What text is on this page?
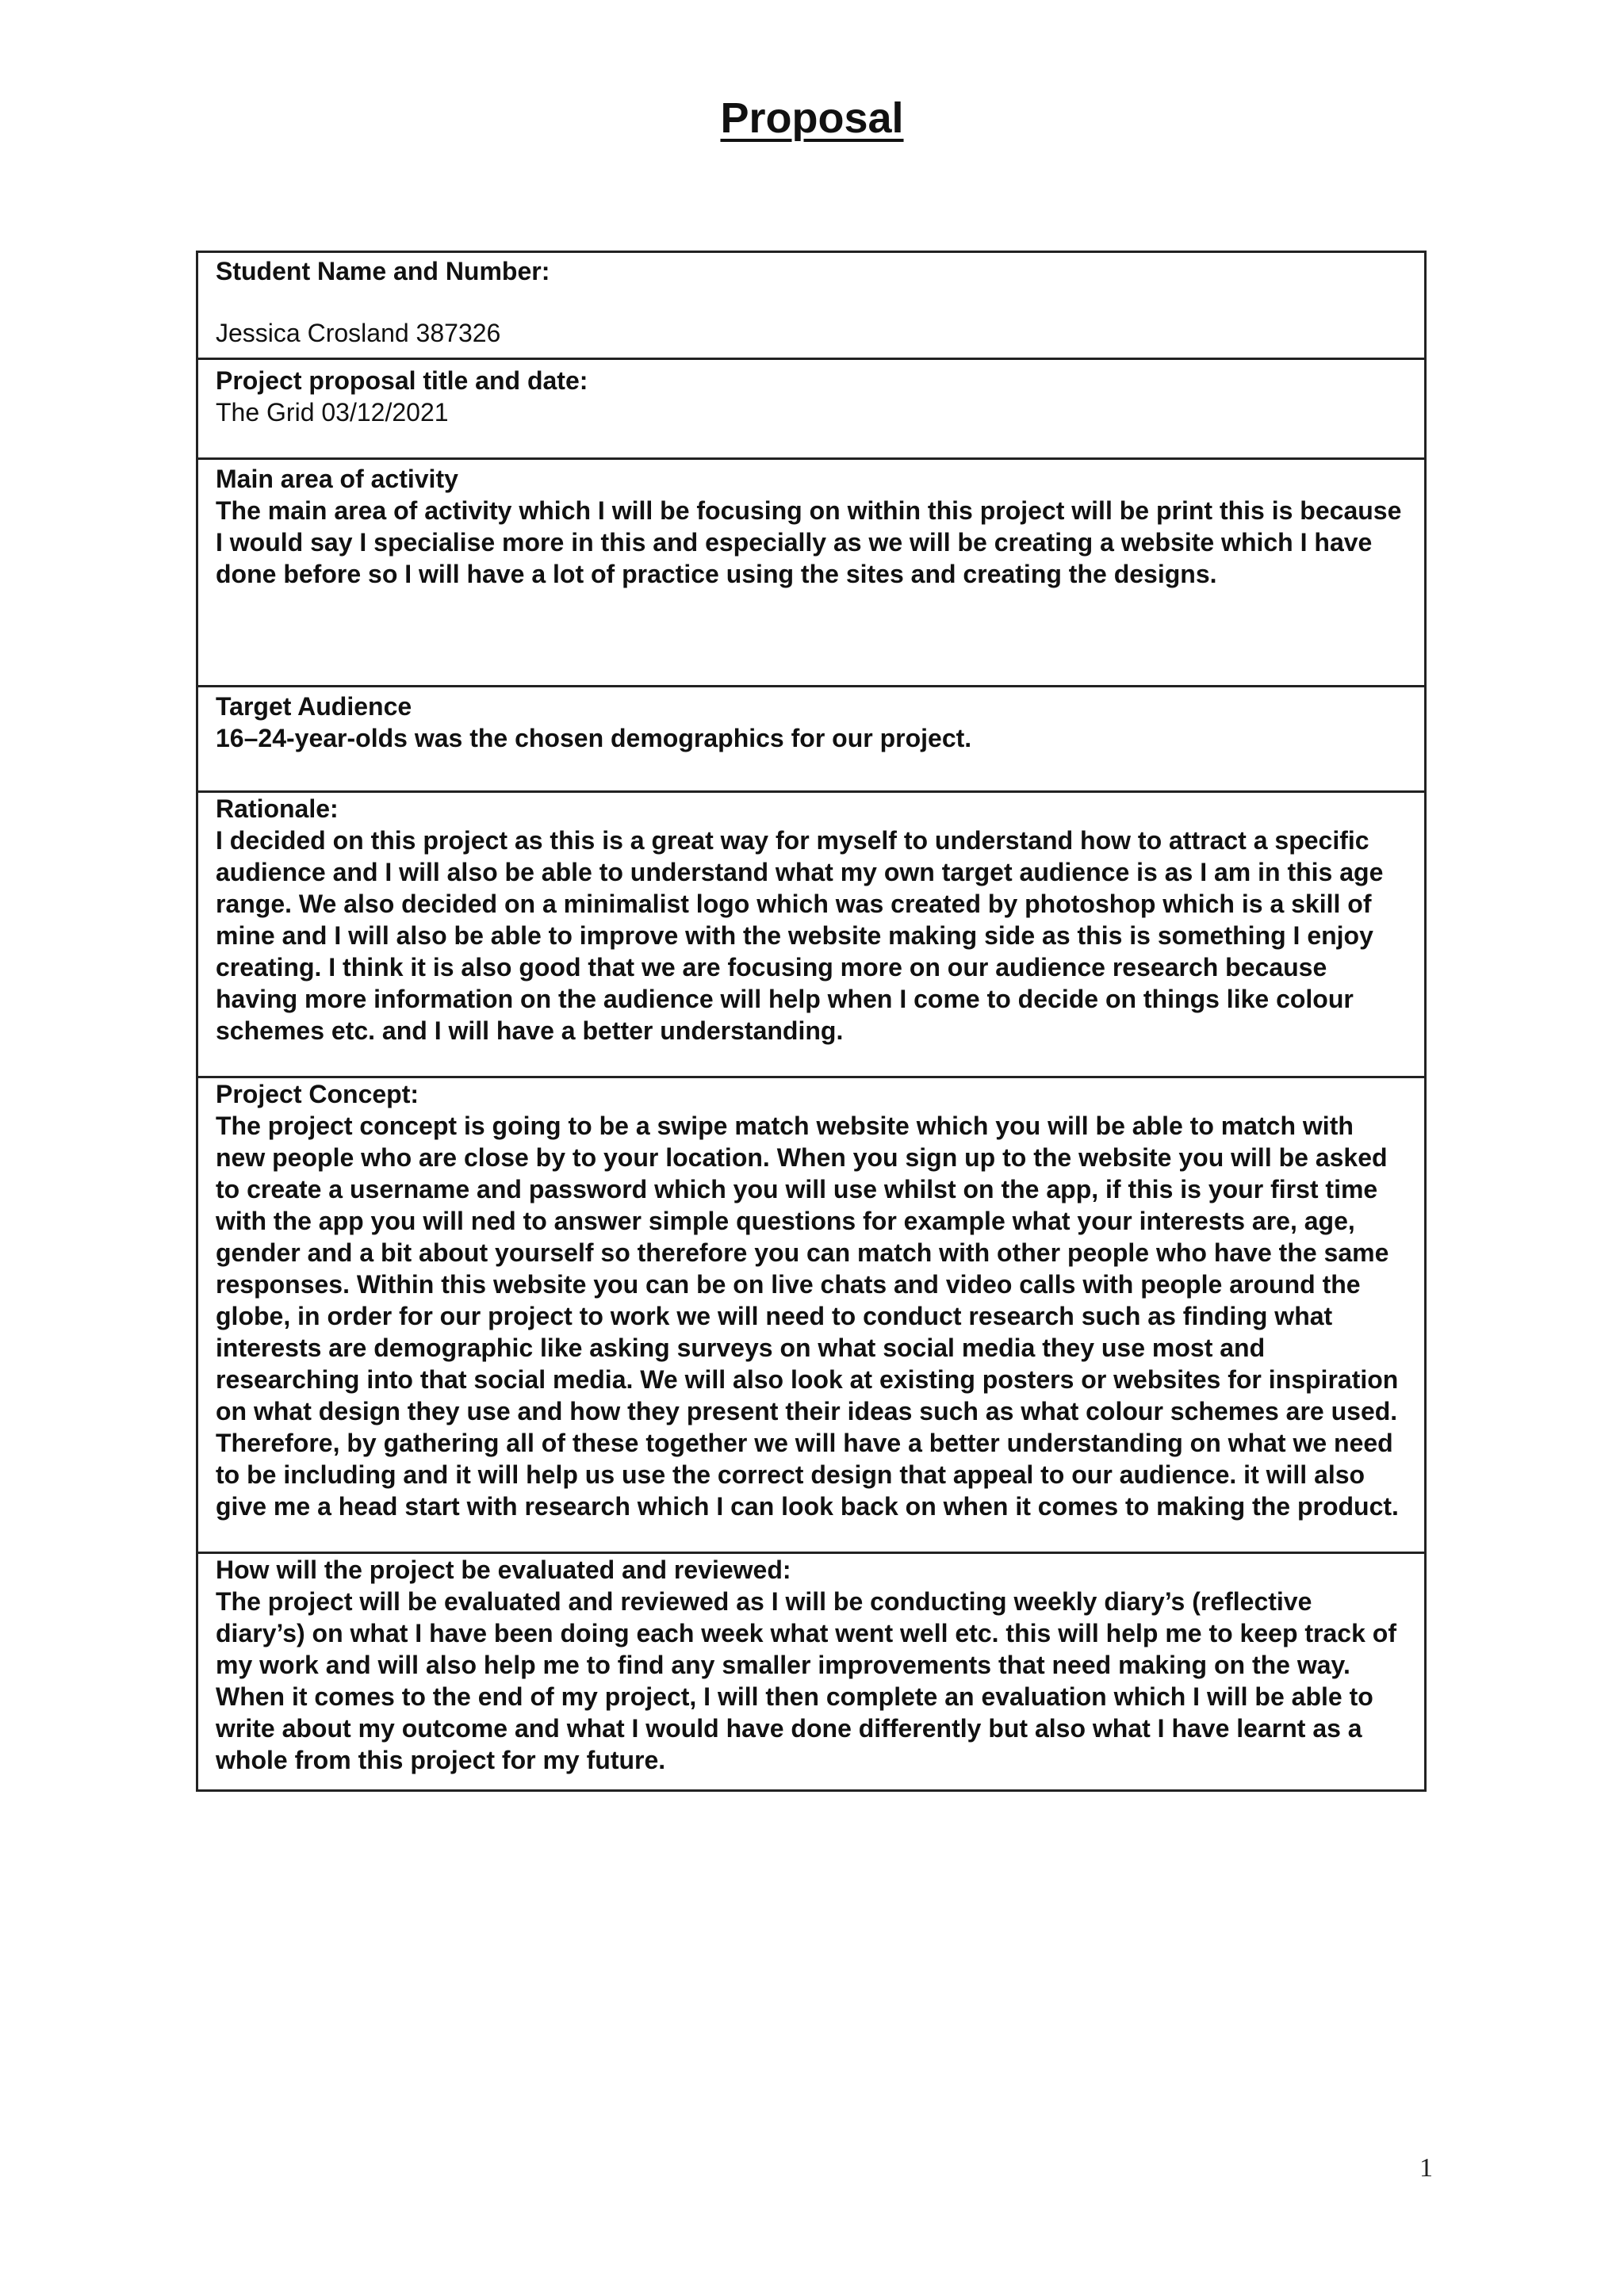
Proposal
Student Name and Number:
Jessica Crosland 387326
Project proposal title and date:
The Grid 03/12/2021
Main area of activity
The main area of activity which I will be focusing on within this project will be print this is because I would say I specialise more in this and especially as we will be creating a website which I have done before so I will have a lot of practice using the sites and creating the designs.
Target Audience
16–24-year-olds was the chosen demographics for our project.
Rationale:
I decided on this project as this is a great way for myself to understand how to attract a specific audience and I will also be able to understand what my own target audience is as I am in this age range. We also decided on a minimalist logo which was created by photoshop which is a skill of mine and I will also be able to improve with the website making side as this is something I enjoy creating. I think it is also good that we are focusing more on our audience research because having more information on the audience will help when I come to decide on things like colour schemes etc. and I will have a better understanding.
Project Concept:
The project concept is going to be a swipe match website which you will be able to match with new people who are close by to your location. When you sign up to the website you will be asked to create a username and password which you will use whilst on the app, if this is your first time with the app you will ned to answer simple questions for example what your interests are, age, gender and a bit about yourself so therefore you can match with other people who have the same responses. Within this website you can be on live chats and video calls with people around the globe, in order for our project to work we will need to conduct research such as finding what interests are demographic like asking surveys on what social media they use most and researching into that social media. We will also look at existing posters or websites for inspiration on what design they use and how they present their ideas such as what colour schemes are used. Therefore, by gathering all of these together we will have a better understanding on what we need to be including and it will help us use the correct design that appeal to our audience. it will also give me a head start with research which I can look back on when it comes to making the product.
How will the project be evaluated and reviewed:
The project will be evaluated and reviewed as I will be conducting weekly diary’s (reflective diary’s) on what I have been doing each week what went well etc. this will help me to keep track of my work and will also help me to find any smaller improvements that need making on the way. When it comes to the end of my project, I will then complete an evaluation which I will be able to write about my outcome and what I would have done differently but also what I have learnt as a whole from this project for my future.
1
